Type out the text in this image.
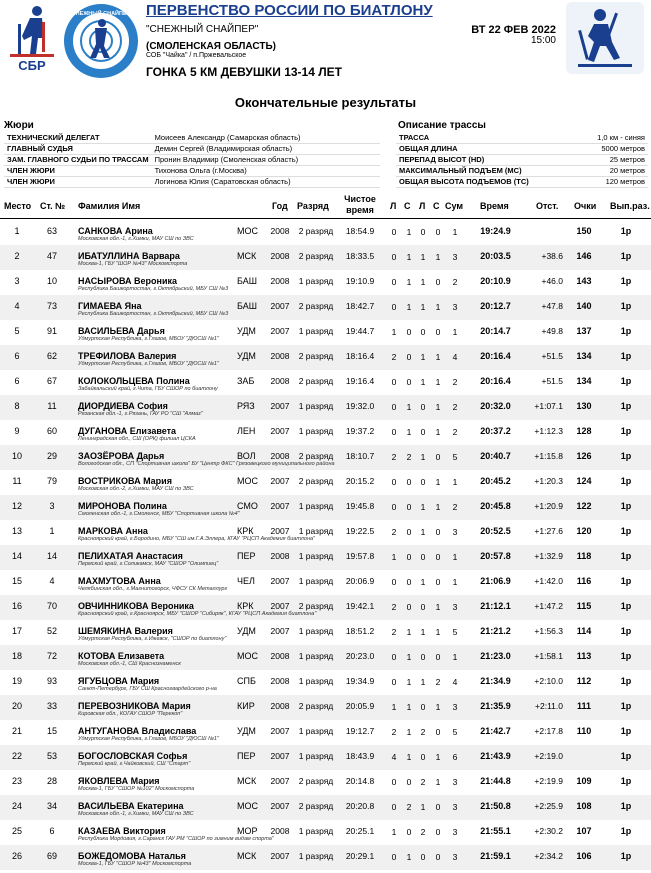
СБР
СНЕЖНЫЙ СНАЙПЕР ПЕРВЕНСТВО РОССИИ ПО БИАТЛОНУ
"СНЕЖНЫЙ СНАЙПЕР"	ВТ 22 ФЕВ 2022
15:00
(СМОЛЕНСКАЯ ОБЛАСТЬ)
СОБ "Чайка" / п.Пржевальское
ГОНКА 5 КМ ДЕВУШКИ 13-14 ЛЕТ
Окончательные результаты
Жюри	Описание трассы
ТЕХНИЧЕСКИЙ ДЕЛЕГАТ	Моисеев Александр (Самарская область)
ГЛАВНЫЙ СУДЬЯ	Демин Сергей (Владимирская область)
ЗАМ. ГЛАВНОГО СУДЬИ ПО ТРАССАМ	Пронин Владимир (Смоленская область)
ЧЛЕН ЖЮРИ	Тихонова Ольга (г.Москва)
ЧЛЕН ЖЮРИ	Логинова Юлия (Саратовская область)
ТРАССА	1,0 км - синяя
ОБЩАЯ ДЛИНА	5000 метров
ПЕРЕПАД ВЫСОТ (HD)	25 метров
МАКСИМАЛЬНЫЙ ПОДЪЕМ (MC)	20 метров
ОБЩАЯ ВЫСОТА ПОДЪЕМОВ (TC)	120 метров
Место Ст. № Фамилия Имя	Год Разряд
Чистое время	Л С Л С Сум Время	Отст. Очки Вып.раз.
1	63	САНКОВА Арина
Московская обл.-1, г.Химки, МАУ СШ по ЗВС
МОС	2008	2 разряд	18:54.9	0	1	0	0	1	19:24.9	150	1р
2	47	ИБАТУЛЛИНА Варвара
Москва-1, ГБУ "ШОР №43" Москомспорта
МСК	2008	2 разряд	18:33.5	0	1	1	1	3	20:03.5	+38.6	146	1р
3	10	НАСЫРОВА Вероника
Республика Башкортостан, г.Октябрьский, МБУ СШ №3
БАШ	2008	1 разряд	19:10.9	0	1	1	0	2	20:10.9	+46.0	143	1р
4	73	ГИМАЕВА Яна
Республика Башкортостан, г.Октябрьский, МБУ СШ №3
БАШ	2007	2 разряд	18:42.7	0	1	1	1	3	20:12.7	+47.8	140	1р
5	91	ВАСИЛЬЕВА Дарья
Удмуртская Республика, г.Глазов, МБОУ "ДЮСШ №1"
УДМ	2007	1 разряд	19:44.7	1	0	0	0	1	20:14.7	+49.8	137	1р
6	62	ТРЕФИЛОВА Валерия
Удмуртская Республика, г.Глазов, МБОУ "ДЮСШ №1"
УДМ	2008	2 разряд	18:16.4	2	0	1	1	4	20:16.4	+51.5	134	1р
6	67	КОЛОКОЛЬЦЕВА Полина
Забайкальский край, г.Чита, ГБУ СШОР по биатлону
ЗАБ	2008	2 разряд	19:16.4	0	0	1	1	2	20:16.4	+51.5	134	1р
8	11	ДИОРДИЕВА София
Рязанская обл.-1, г.Рязань, ГАУ РО "СШ "Алмаз"
РЯЗ	2007	1 разряд	19:32.0	0	1	0	1	2	20:32.0	+1:07.1	130	1р
9	60	ДУГАНОВА Елизавета
Ленинградская обл., СШ (ОРК) филиал ЦСКА
ЛЕН	2007	1 разряд	19:37.2	0	1	0	1	2	20:37.2	+1:12.3	128	1р
10	29	ЗАОЗЁРОВА Дарья
Вологодская обл., СП "Спортивная школа" БУ "Центр ФКС" Грязовецкого муниципального района
ВОЛ	2008	2 разряд	18:10.7	2	2	1	0	5	20:40.7	+1:15.8	126	1р
11	79	ВОСТРИКОВА Мария
Московская обл.-2, г.Химки, МАУ СШ по ЗВС
МОС	2007	2 разряд	20:15.2	0	0	0	1	1	20:45.2	+1:20.3	124	1р
12	3	МИРОНОВА Полина
Смоленская обл.-1, г.Смоленск, МБУ "Спортивная школа №4"
СМО	2007	1 разряд	19:45.8	0	0	1	1	2	20:45.8	+1:20.9	122	1р
13	1	МАРКОВА Анна
Красноярский край, г.Бородино, МБУ "СШ им.Г.А.Эллера, КГАУ "РЦСП Академия биатлона"
КРК	2007	1 разряд	19:22.5	2	0	1	0	3	20:52.5	+1:27.6	120	1р
14	14	ПЕЛИХАТАЯ Анастасия
Пермский край, г.Соликамск, МАУ "СШОР "Олимпиец"
ПЕР	2008	1 разряд	19:57.8	1	0	0	0	1	20:57.8	+1:32.9	118	1р
15	4	МАХМУТОВА Анна
Челябинская обл., г.Магнитогорск, ЧФСУ СК Металлург
ЧЕЛ	2007	1 разряд	20:06.9	0	0	1	0	1	21:06.9	+1:42.0	116	1р
16	70	ОВЧИННИКОВА Вероника
Красноярский край, г.Красноярск, МБУ "СШОР "Сибиряк", КГАУ "РЦСП Академия биатлона"
КРК	2007	2 разряд	19:42.1	2	0	0	1	3	21:12.1	+1:47.2	115	1р
17	52	ШЕМЯКИНА Валерия
Удмуртская Республика, г.Ижевск, "СШОР по биатлону"
УДМ	2007	1 разряд	18:51.2	2	1	1	1	5	21:21.2	+1:56.3	114	1р
18	72	КОТОВА Елизавета
Московская обл.-1, СШ Краснознаменск
МОС	2008	1 разряд	20:23.0	0	1	0	0	1	21:23.0	+1:58.1	113	1р
19	93	ЯГУБЦОВА Мария
Санкт-Петербург, ГБУ СШ Красногвардейского р-на
СПБ	2008	1 разряд	19:34.9	0	1	1	2	4	21:34.9	+2:10.0	112	1р
20	33	ПЕРЕВОЗНИКОВА Мария
Кировская обл., КОГАУ СШОР "Перекоп"
КИР	2008	2 разряд	20:05.9	1	1	0	1	3	21:35.9	+2:11.0	111	1р
21	15	АНТУГАНОВА Владислава
Удмуртская Республика, г.Глазов, МБОУ "ДЮСШ №1"
УДМ	2007	1 разряд	19:12.7	2	1	2	0	5	21:42.7	+2:17.8	110	1р
22	53	БОГОСЛОВСКАЯ Софья
Пермский край, г.Чайковский, СШ "Старт"
ПЕР	2007	1 разряд	18:43.9	4	1	0	1	6	21:43.9	+2:19.0	1р
23	28	ЯКОВЛЕВА Мария
Москва-1, ГБУ "СШОР №102" Москомспорта
МСК	2007	2 разряд	20:14.8	0	0	2	1	3	21:44.8	+2:19.9	109	1р
24	34	ВАСИЛЬЕВА Екатерина
Московская обл.-1, г.Химки, МАУ СШ по ЗВС
МОС	2007	2 разряд	20:20.8	0	2	1	0	3	21:50.8	+2:25.9	108	1р
25	6	КАЗАЕВА Виктория
Республика Мордовия, г.Саранск ГАУ РМ "СШОР по зимним видам спорта"
МОР	2008	1 разряд	20:25.1	1	0	2	0	3	21:55.1	+2:30.2	107	1р
26	69	БОЖЕДОМОВА Наталья
Москва-1, ГБУ "СШОР №43" Москомспорта
МСК	2007	1 разряд	20:29.1	0	1	0	0	3	21:59.1	+2:34.2	106	1р
